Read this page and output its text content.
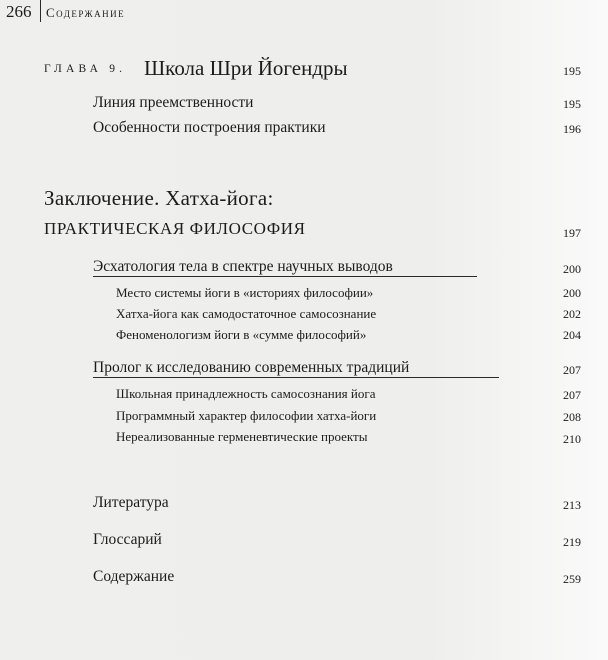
266 Содержание
ГЛАВА 9. Школа Шри Йогендры	195
Линия преемственности	195
Особенности построения практики	196
Заключение. Хатха-йога:
ПРАКТИЧЕСКАЯ ФИЛОСОФИЯ	197
Эсхатология тела в спектре научных выводов	200
Место системы йоги в «историях философии»	200
Хатха-йога как самодостаточное самосознание	202
Феноменологизм йоги в «сумме философий»	204
Пролог к исследованию современных традиций	207
Школьная принадлежность самосознания йога	207
Программный характер философии хатха-йоги	208
Нереализованные герменевтические проекты	210
Литература	213
Глоссарий	219
Содержание	259
